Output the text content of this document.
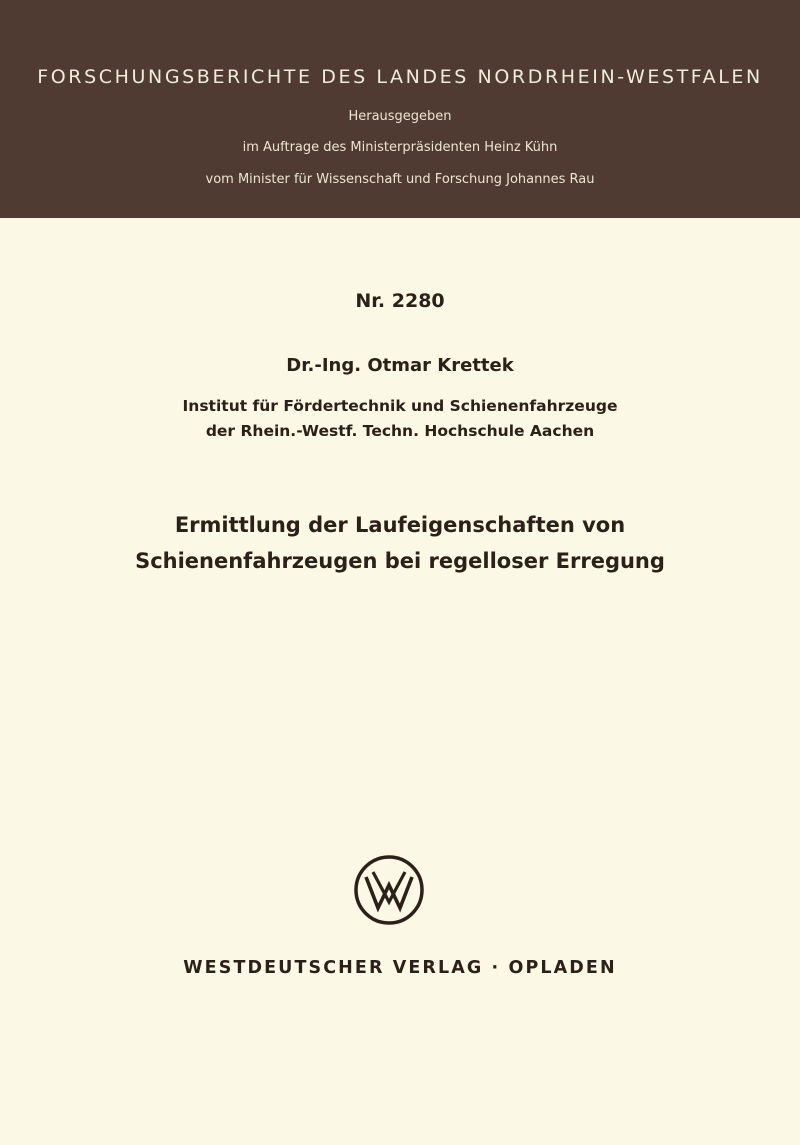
FORSCHUNGSBERICHTE DES LANDES NORDRHEIN-WESTFALEN
Herausgegeben
im Auftrage des Ministerpräsidenten Heinz Kühn
vom Minister für Wissenschaft und Forschung Johannes Rau
Nr. 2280
Dr.-Ing. Otmar Krettek
Institut für Fördertechnik und Schienenfahrzeuge
der Rhein.-Westf. Techn. Hochschule Aachen
Ermittlung der Laufeigenschaften von
Schienenfahrzeugen bei regelloser Erregung
WESTDEUTSCHER VERLAG · OPLADEN
